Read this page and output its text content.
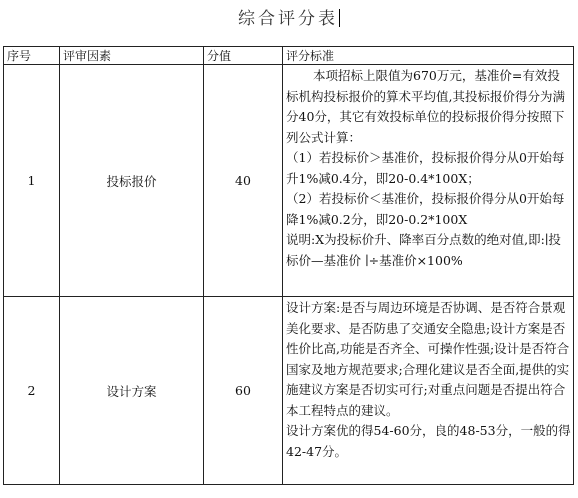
综合评分表
序号	评审因素	分值	评分标准
1	投标报价	40	本项招标上限值为670万元，基准价=有效投标机构投标报价的算术平均值,其投标报价得分为满分40分，其它有效投标单位的投标报价得分按照下列公式计算：
（1）若投标价＞基准价，投标报价得分从0开始每升1%减0.4分，即20-0.4*100X；
（2）若投标价＜基准价，投标报价得分从0开始每降1%减0.2分，即20-0.2*100X
说明:X为投标价升、降率百分点数的绝对值,即:∣投标价—基准价 ∣÷基准价×100%

2	设计方案	60	设计方案:是否与周边环境是否协调、是否符合景观美化要求、是否防患了交通安全隐患;设计方案是否性价比高,功能是否齐全、可操作性强;设计是否符合国家及地方规范要求;合理化建议是否全面,提供的实施建议方案是否切实可行;对重点问题是否提出符合本工程特点的建议。
设计方案优的得54-60分，良的48-53分，一般的得42-47分。
